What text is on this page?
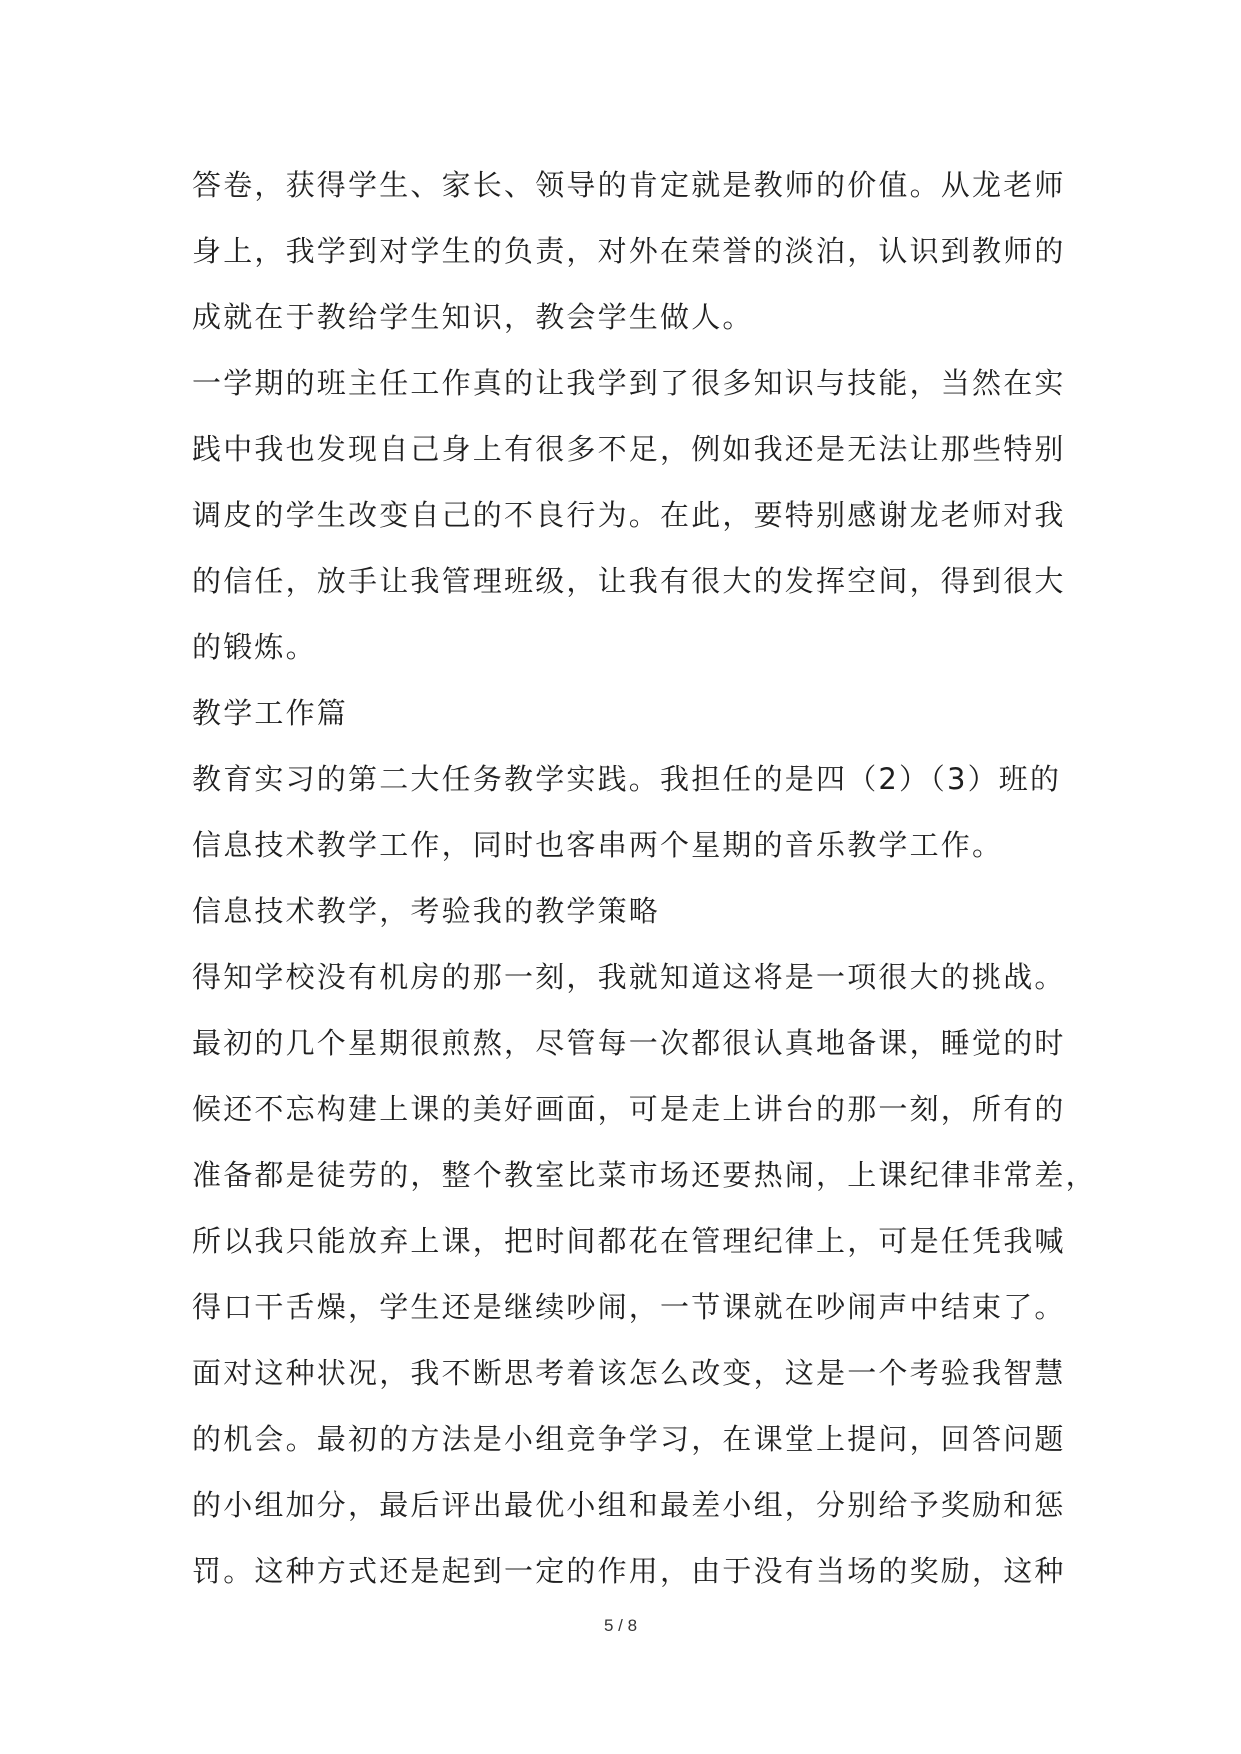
答卷，获得学生、家长、领导的肯定就是教师的价值。从龙老师
身上，我学到对学生的负责，对外在荣誉的淡泊，认识到教师的
成就在于教给学生知识，教会学生做人。
一学期的班主任工作真的让我学到了很多知识与技能，当然在实
践中我也发现自己身上有很多不足，例如我还是无法让那些特别
调皮的学生改变自己的不良行为。在此，要特别感谢龙老师对我
的信任，放手让我管理班级，让我有很大的发挥空间，得到很大
的锻炼。
教学工作篇
教育实习的第二大任务教学实践。我担任的是四（2）（3）班的
信息技术教学工作，同时也客串两个星期的音乐教学工作。
信息技术教学，考验我的教学策略
得知学校没有机房的那一刻，我就知道这将是一项很大的挑战。
最初的几个星期很煎熬，尽管每一次都很认真地备课，睡觉的时
候还不忘构建上课的美好画面，可是走上讲台的那一刻，所有的
准备都是徒劳的，整个教室比菜市场还要热闹，上课纪律非常差，
所以我只能放弃上课，把时间都花在管理纪律上，可是任凭我喊
得口干舌燥，学生还是继续吵闹，一节课就在吵闹声中结束了。
面对这种状况，我不断思考着该怎么改变，这是一个考验我智慧
的机会。最初的方法是小组竞争学习，在课堂上提问，回答问题
的小组加分，最后评出最优小组和最差小组，分别给予奖励和惩
罚。这种方式还是起到一定的作用，由于没有当场的奖励，这种
5 / 8
